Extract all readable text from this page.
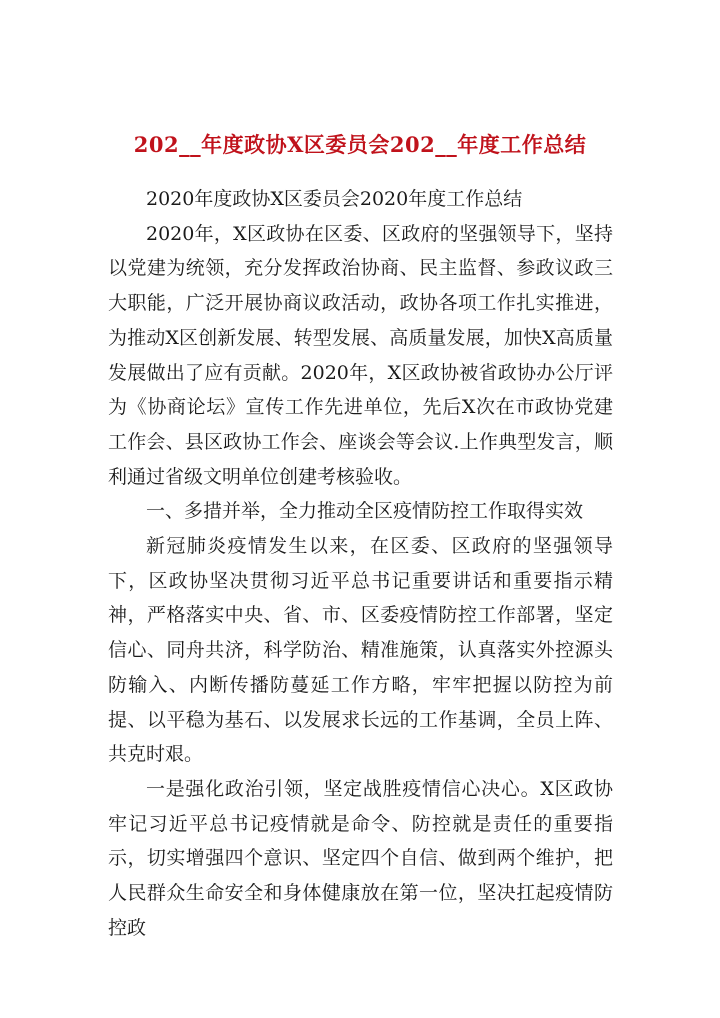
202__年度政协X区委员会202__年度工作总结

2020年度政协X区委员会2020年度工作总结

2020年，X区政协在区委、区政府的坚强领导下，坚持以党建为统领，充分发挥政治协商、民主监督、参政议政三大职能，广泛开展协商议政活动，政协各项工作扎实推进，为推动X区创新发展、转型发展、高质量发展，加快X高质量发展做出了应有贡献。2020年，X区政协被省政协办公厅评为《协商论坛》宣传工作先进单位，先后X次在市政协党建工作会、县区政协工作会、座谈会等会议.上作典型发言，顺利通过省级文明单位创建考核验收。

一、多措并举，全力推动全区疫情防控工作取得实效

新冠肺炎疫情发生以来，在区委、区政府的坚强领导下，区政协坚决贯彻习近平总书记重要讲话和重要指示精神，严格落实中央、省、市、区委疫情防控工作部署，坚定信心、同舟共济，科学防治、精准施策，认真落实外控源头防输入、内断传播防蔓延工作方略，牢牢把握以防控为前提、以平稳为基石、以发展求长远的工作基调，全员上阵、共克时艰。

一是强化政治引领，坚定战胜疫情信心决心。X区政协牢记习近平总书记疫情就是命令、防控就是责任的重要指示，切实增强四个意识、坚定四个自信、做到两个维护，把人民群众生命安全和身体健康放在第一位，坚决扛起疫情防控政
